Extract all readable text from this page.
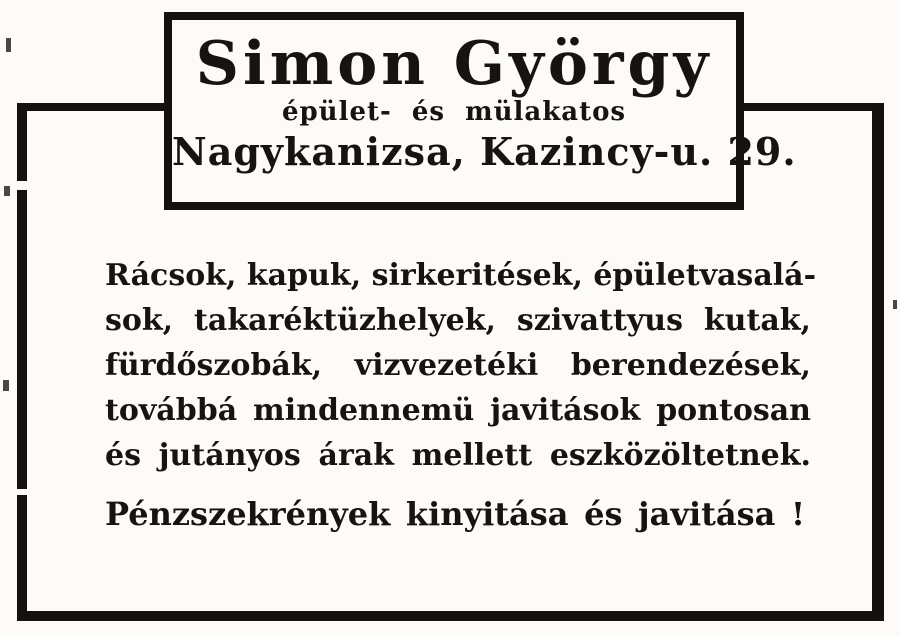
Simon György
épület- és mülakatos
Nagykanizsa, Kazincy-u. 29.
Rácsok, kapuk, sirkeritések, épületvasalá-
sok, takaréktüzhelyek, szivattyus kutak,
fürdőszobák, vizvezetéki berendezések,
továbbá mindennemü javitások pontosan
és jutányos árak mellett eszközöltetnek.
Pénzszekrények kinyitása és javitása !
